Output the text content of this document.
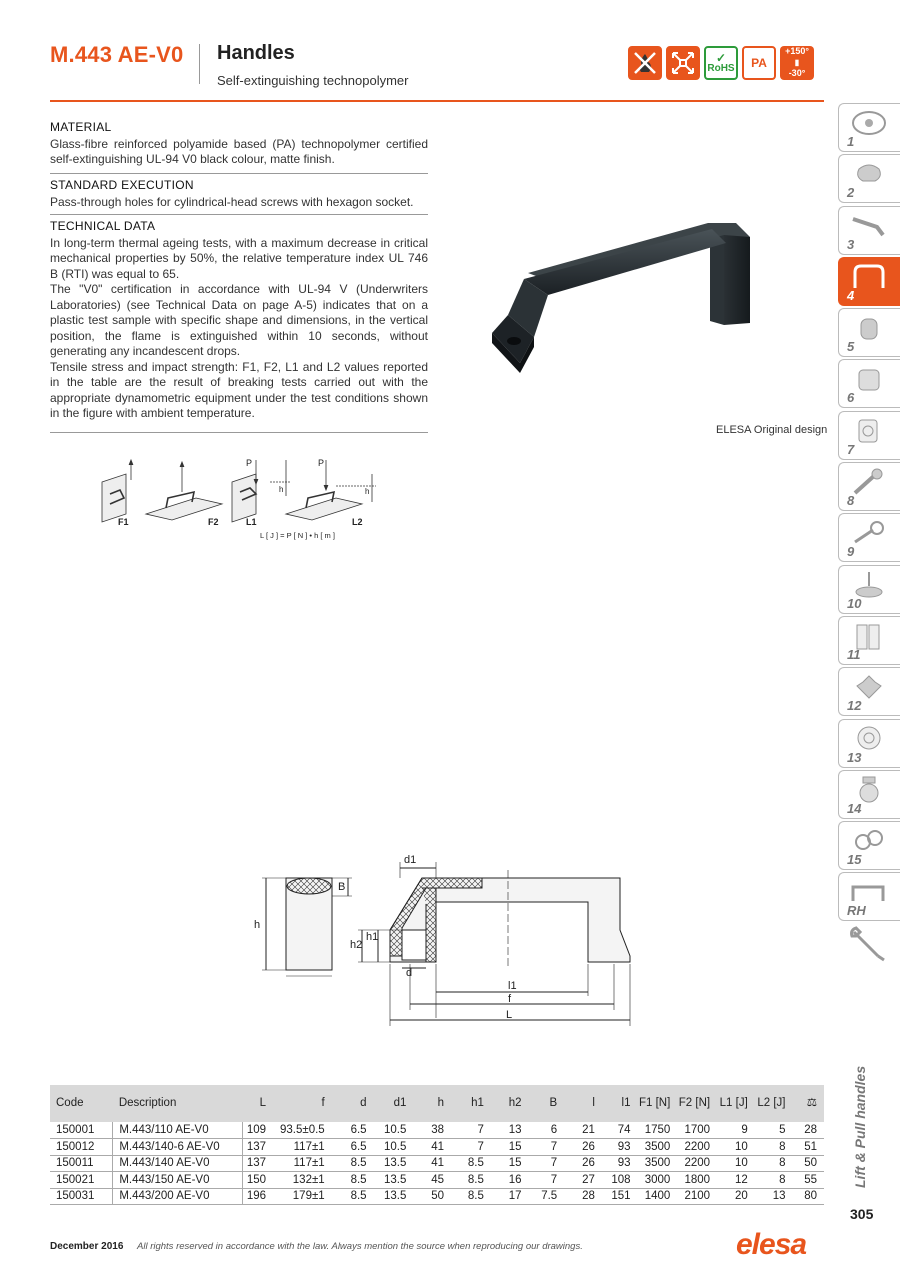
M.443 AE-V0 Handles
Self-extinguishing technopolymer
✓
RoHS	PA
+150°
▮
-30°
MATERIAL

Glass-fibre reinforced polyamide based (PA) technopolymer certified self-extinguishing UL-94 V0 black colour, matte finish.

STANDARD EXECUTION

Pass-through holes for cylindrical-head screws with hexagon socket.

TECHNICAL DATA

In long-term thermal ageing tests, with a maximum decrease in critical mechanical properties by 50%, the relative temperature index UL 746 B (RTI) was equal to 65.

The "V0" certification in accordance with UL-94 V (Underwriters Laboratories) (see Technical Data on page A-5) indicates that on a plastic test sample with specific shape and dimensions, in the vertical position, the flame is extinguished within 10 seconds, without generating any incandescent drops.

Tensile stress and impact strength: F1, F2, L1 and L2 values reported in the table are the result of breaking tests carried out with the appropriate dynamometric equipment under the test conditions shown in the figure with ambient temperature.

ELESA Original design
F1	F2	L1	L2
P	P
h	h
L [ J ] = P [ N ] • h [ m ]
d1
B
h
h2
h1
d
l1
f
L
1
2
3
4
5
6
7
8
9
10
11
12
13
14
15
RH
Lift & Pull handles
305
Code	Description	L	f	d	d1	h	h1	h2	B	l	l1	F1 [N]	F2 [N]	L1 [J]	L2 [J]	⚖
150001	M.443/110 AE-V0	109	93.5±0.5	6.5	10.5	38	7	13	6	21	74	1750	1700	9	5	28
150012	M.443/140-6 AE-V0	137	117±1	6.5	10.5	41	7	15	7	26	93	3500	2200	10	8	51
150011	M.443/140 AE-V0	137	117±1	8.5	13.5	41	8.5	15	7	26	93	3500	2200	10	8	50
150021	M.443/150 AE-V0	150	132±1	8.5	13.5	45	8.5	16	7	27	108	3000	1800	12	8	55
150031	M.443/200 AE-V0	196	179±1	8.5	13.5	50	8.5	17	7.5	28	151	1400	2100	20	13	80
December 2016 All rights reserved in accordance with the law. Always mention the source when reproducing our drawings.	elesa
